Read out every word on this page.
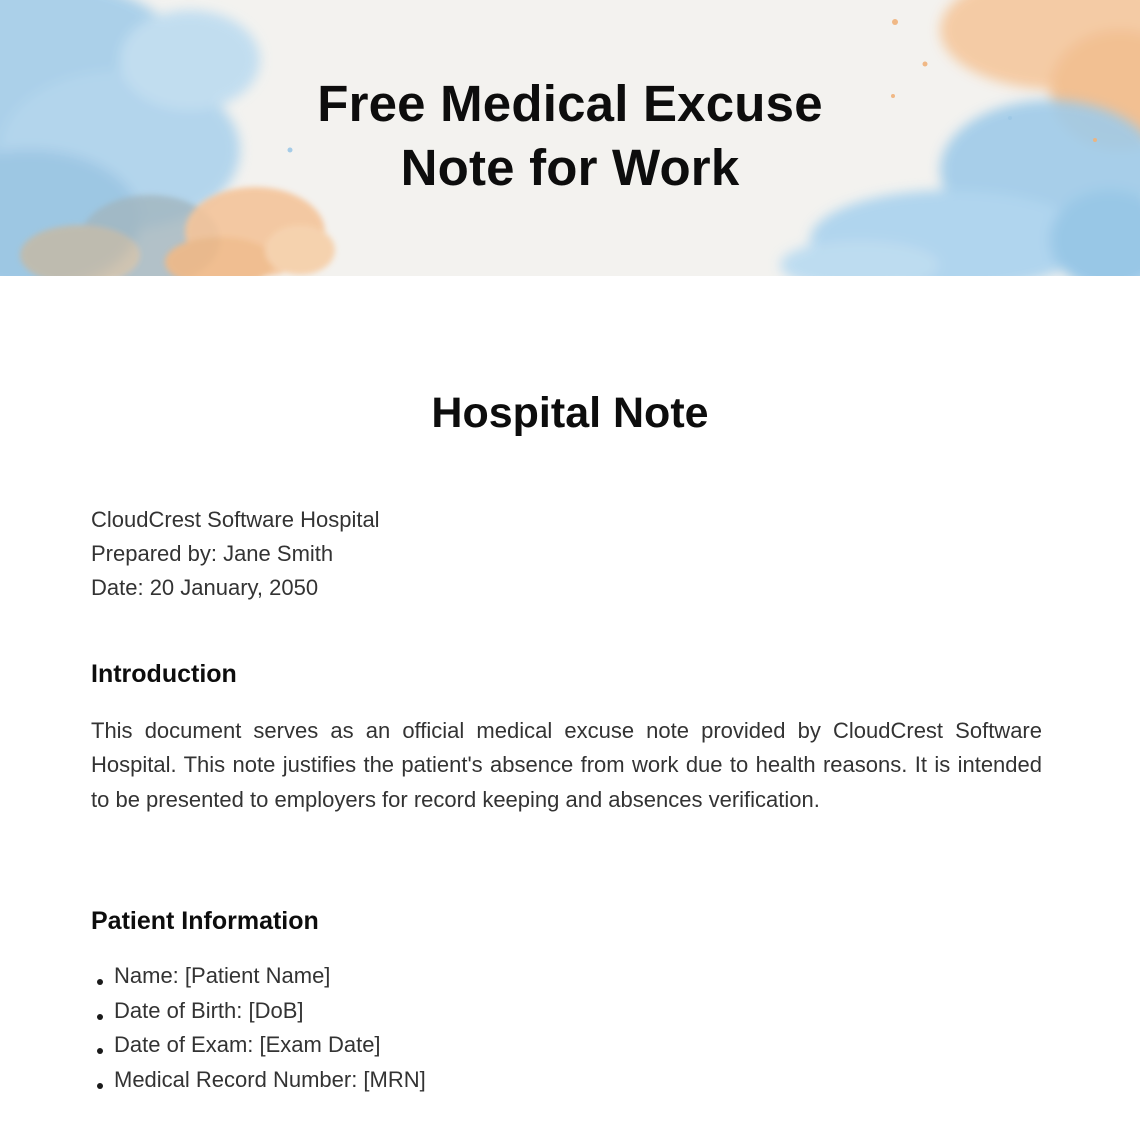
Free Medical Excuse
Note for Work
Hospital Note
CloudCrest Software Hospital
Prepared by: Jane Smith
Date: 20 January, 2050
Introduction

This document serves as an official medical excuse note provided by CloudCrest Software Hospital. This note justifies the patient's absence from work due to health reasons. It is intended to be presented to employers for record keeping and absences verification.

Patient Information
Name: [Patient Name]
Date of Birth: [DoB]
Date of Exam: [Exam Date]
Medical Record Number: [MRN]
